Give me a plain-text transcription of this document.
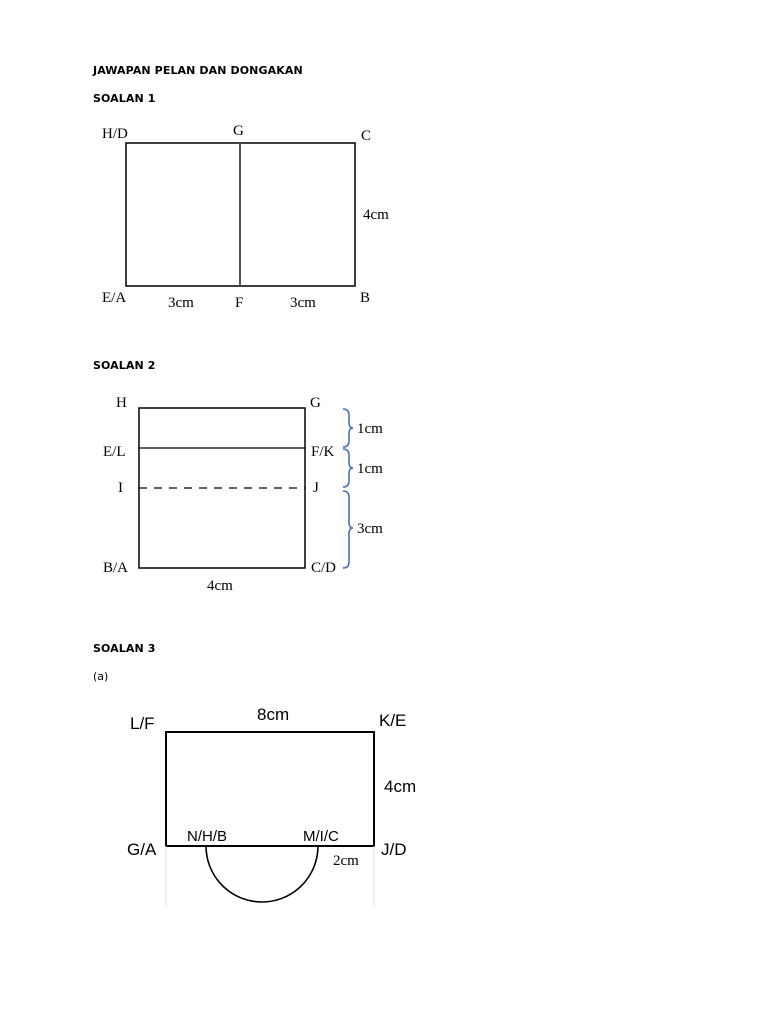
JAWAPAN PELAN DAN DONGAKAN
SOALAN 1
H/D	G	C
4cm
E/A	3cm	F	3cm	B
SOALAN 2
H
E/L
I
B/A
G
F/K
J
C/D
1cm
1cm
3cm
4cm
SOALAN 3
(a)
L/F	8cm	K/E
4cm
G/A
N/H/B	M/I/C
J/D
2cm
